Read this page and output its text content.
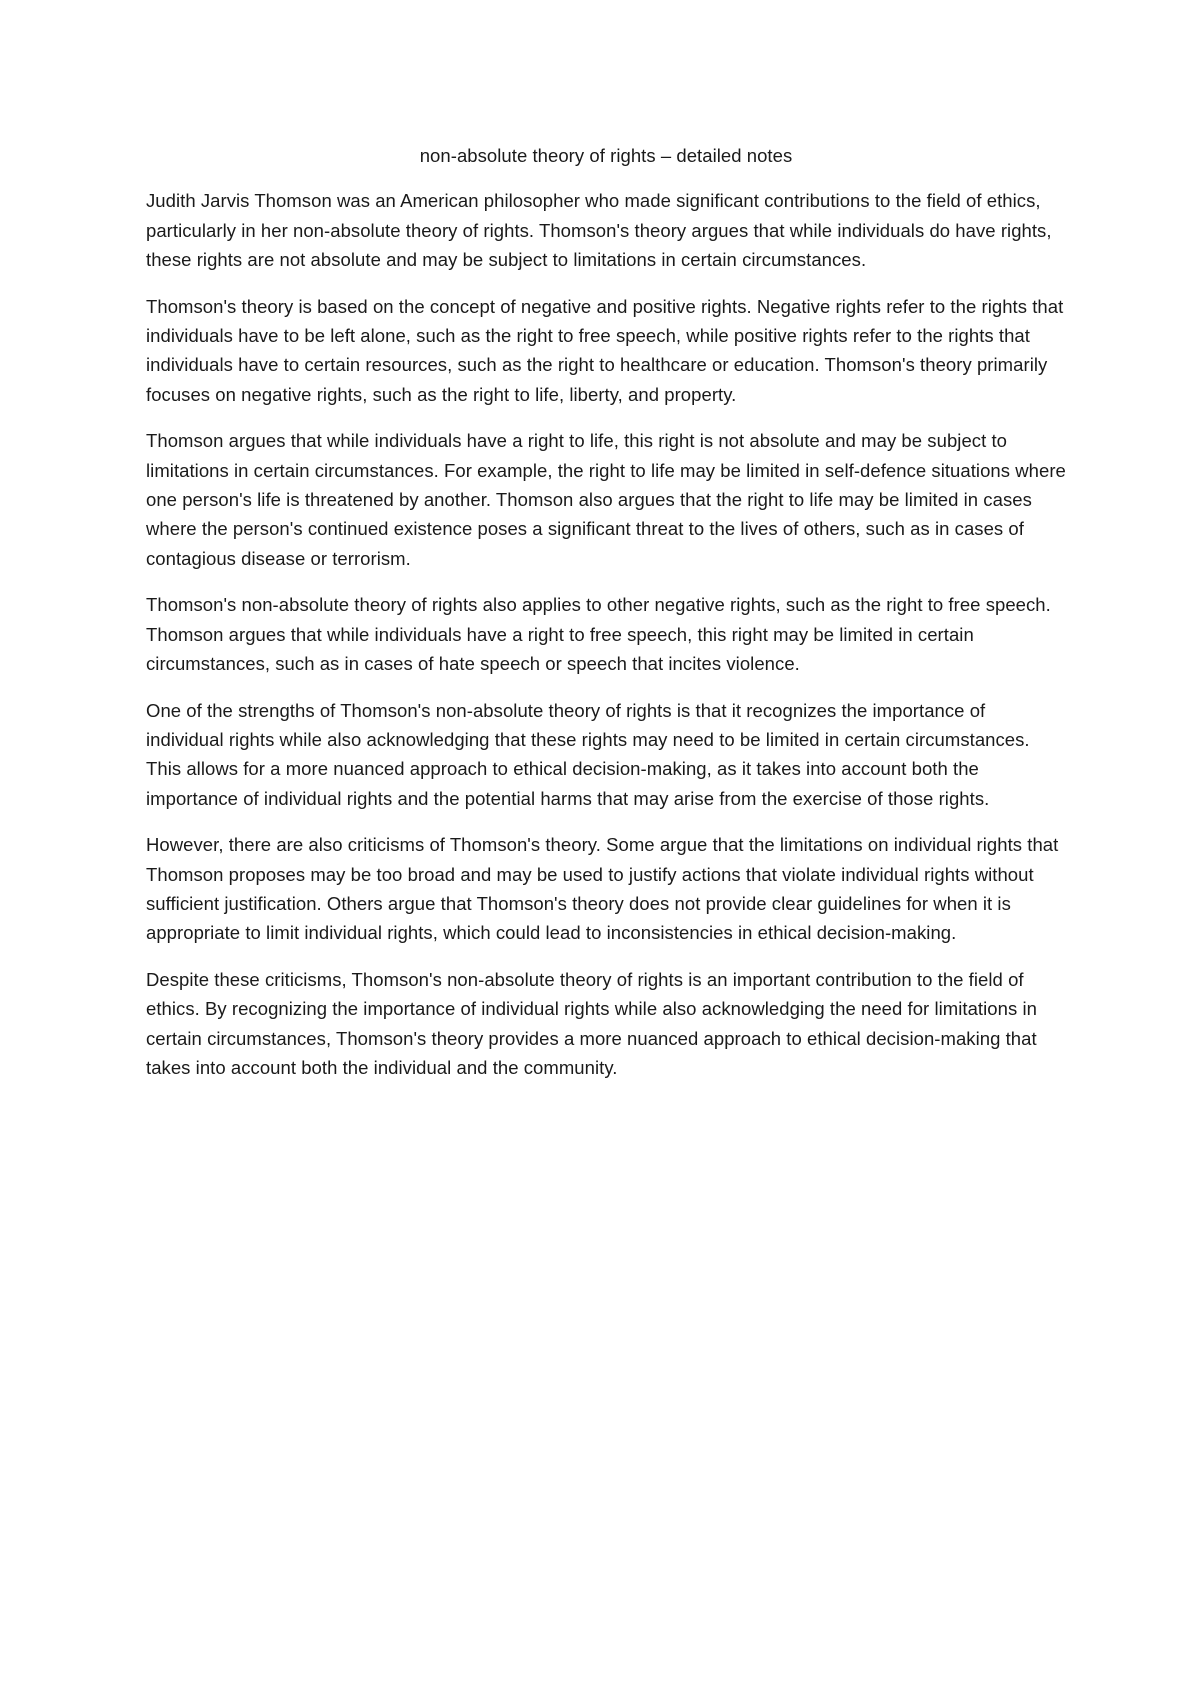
non-absolute theory of rights – detailed notes

Judith Jarvis Thomson was an American philosopher who made significant contributions to the field of ethics, particularly in her non-absolute theory of rights. Thomson's theory argues that while individuals do have rights, these rights are not absolute and may be subject to limitations in certain circumstances.

Thomson's theory is based on the concept of negative and positive rights. Negative rights refer to the rights that individuals have to be left alone, such as the right to free speech, while positive rights refer to the rights that individuals have to certain resources, such as the right to healthcare or education. Thomson's theory primarily focuses on negative rights, such as the right to life, liberty, and property.

Thomson argues that while individuals have a right to life, this right is not absolute and may be subject to limitations in certain circumstances. For example, the right to life may be limited in self-defence situations where one person's life is threatened by another. Thomson also argues that the right to life may be limited in cases where the person's continued existence poses a significant threat to the lives of others, such as in cases of contagious disease or terrorism.

Thomson's non-absolute theory of rights also applies to other negative rights, such as the right to free speech. Thomson argues that while individuals have a right to free speech, this right may be limited in certain circumstances, such as in cases of hate speech or speech that incites violence.

One of the strengths of Thomson's non-absolute theory of rights is that it recognizes the importance of individual rights while also acknowledging that these rights may need to be limited in certain circumstances. This allows for a more nuanced approach to ethical decision-making, as it takes into account both the importance of individual rights and the potential harms that may arise from the exercise of those rights.

However, there are also criticisms of Thomson's theory. Some argue that the limitations on individual rights that Thomson proposes may be too broad and may be used to justify actions that violate individual rights without sufficient justification. Others argue that Thomson's theory does not provide clear guidelines for when it is appropriate to limit individual rights, which could lead to inconsistencies in ethical decision-making.

Despite these criticisms, Thomson's non-absolute theory of rights is an important contribution to the field of ethics. By recognizing the importance of individual rights while also acknowledging the need for limitations in certain circumstances, Thomson's theory provides a more nuanced approach to ethical decision-making that takes into account both the individual and the community.
